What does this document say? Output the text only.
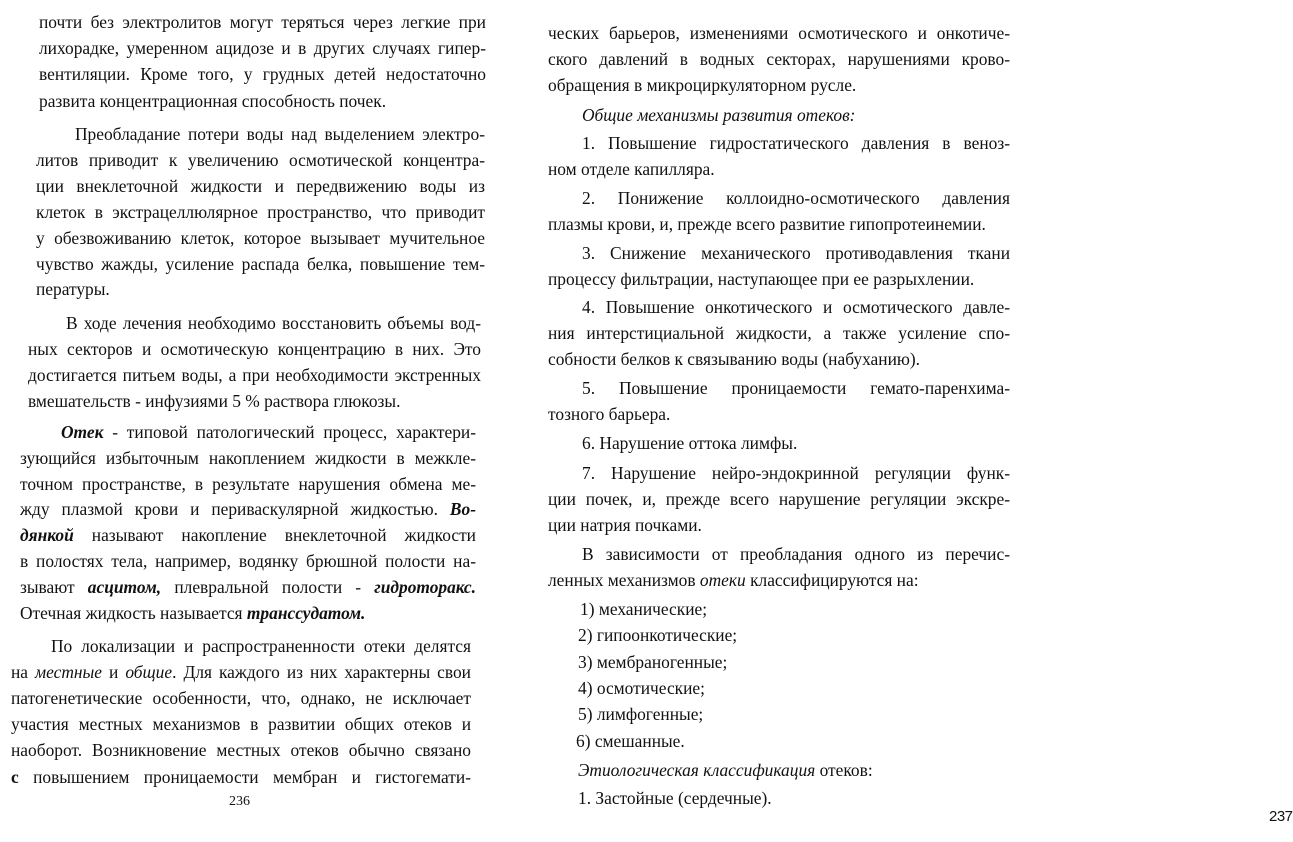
почти без электролитов могут теряться через легкие при

лихорадке, умеренном ацидозе и в других случаях гипер-

вентиляции. Кроме того, у грудных детей недостаточно

развита концентрационная способность почек.

Преобладание потери воды над выделением электро-

литов приводит к увеличению осмотической концентра-

ции внеклеточной жидкости и передвижению воды из

клеток в экстрацеллюлярное пространство, что приводит

у обезвоживанию клеток, которое вызывает мучительное

чувство жажды, усиление распада белка, повышение тем-

пературы.

В ходе лечения необходимо восстановить объемы вод-

ных секторов и осмотическую концентрацию в них. Это

достигается питьем воды, а при необходимости экстренных

вмешательств - инфузиями 5 % раствора глюкозы.

Отек - типовой патологический процесс, характери-

зующийся избыточным накоплением жидкости в межкле-

точном пространстве, в результате нарушения обмена ме-

жду плазмой крови и периваскулярной жидкостью. Во-

дянкой называют накопление внеклеточной жидкости

в полостях тела, например, водянку брюшной полости на-

зывают асцитом, плевральной полости - гидроторакс.

Отечная жидкость называется транссудатом.

По локализации и распространенности отеки делятся

на местные и общие. Для каждого из них характерны свои

патогенетические особенности, что, однако, не исключает

участия местных механизмов в развитии общих отеков и

наоборот. Возникновение местных отеков обычно связано

с повышением проницаемости мембран и гистогемати-

236

ческих барьеров, изменениями осмотического и онкотиче-

ского давлений в водных секторах, нарушениями крово-

обращения в микроциркуляторном русле.

Общие механизмы развития отеков:

1. Повышение гидростатического давления в веноз-

ном отделе капилляра.

2. Понижение коллоидно-осмотического давления

плазмы крови, и, прежде всего развитие гипопротеинемии.

3. Снижение механического противодавления ткани

процессу фильтрации, наступающее при ее разрыхлении.

4. Повышение онкотического и осмотического давле-

ния интерстициальной жидкости, а также усиление спо-

собности белков к связыванию воды (набуханию).

5. Повышение проницаемости гемато-паренхима-

тозного барьера.

6. Нарушение оттока лимфы.

7. Нарушение нейро-эндокринной регуляции функ-

ции почек, и, прежде всего нарушение регуляции экскре-

ции натрия почками.

В зависимости от преобладания одного из перечис-

ленных механизмов отеки классифицируются на:

1) механические;

2) гипоонкотические;

3) мембраногенные;

4) осмотические;

5) лимфогенные;

6) смешанные.

Этиологическая классификация отеков:

1. Застойные (сердечные).

237
